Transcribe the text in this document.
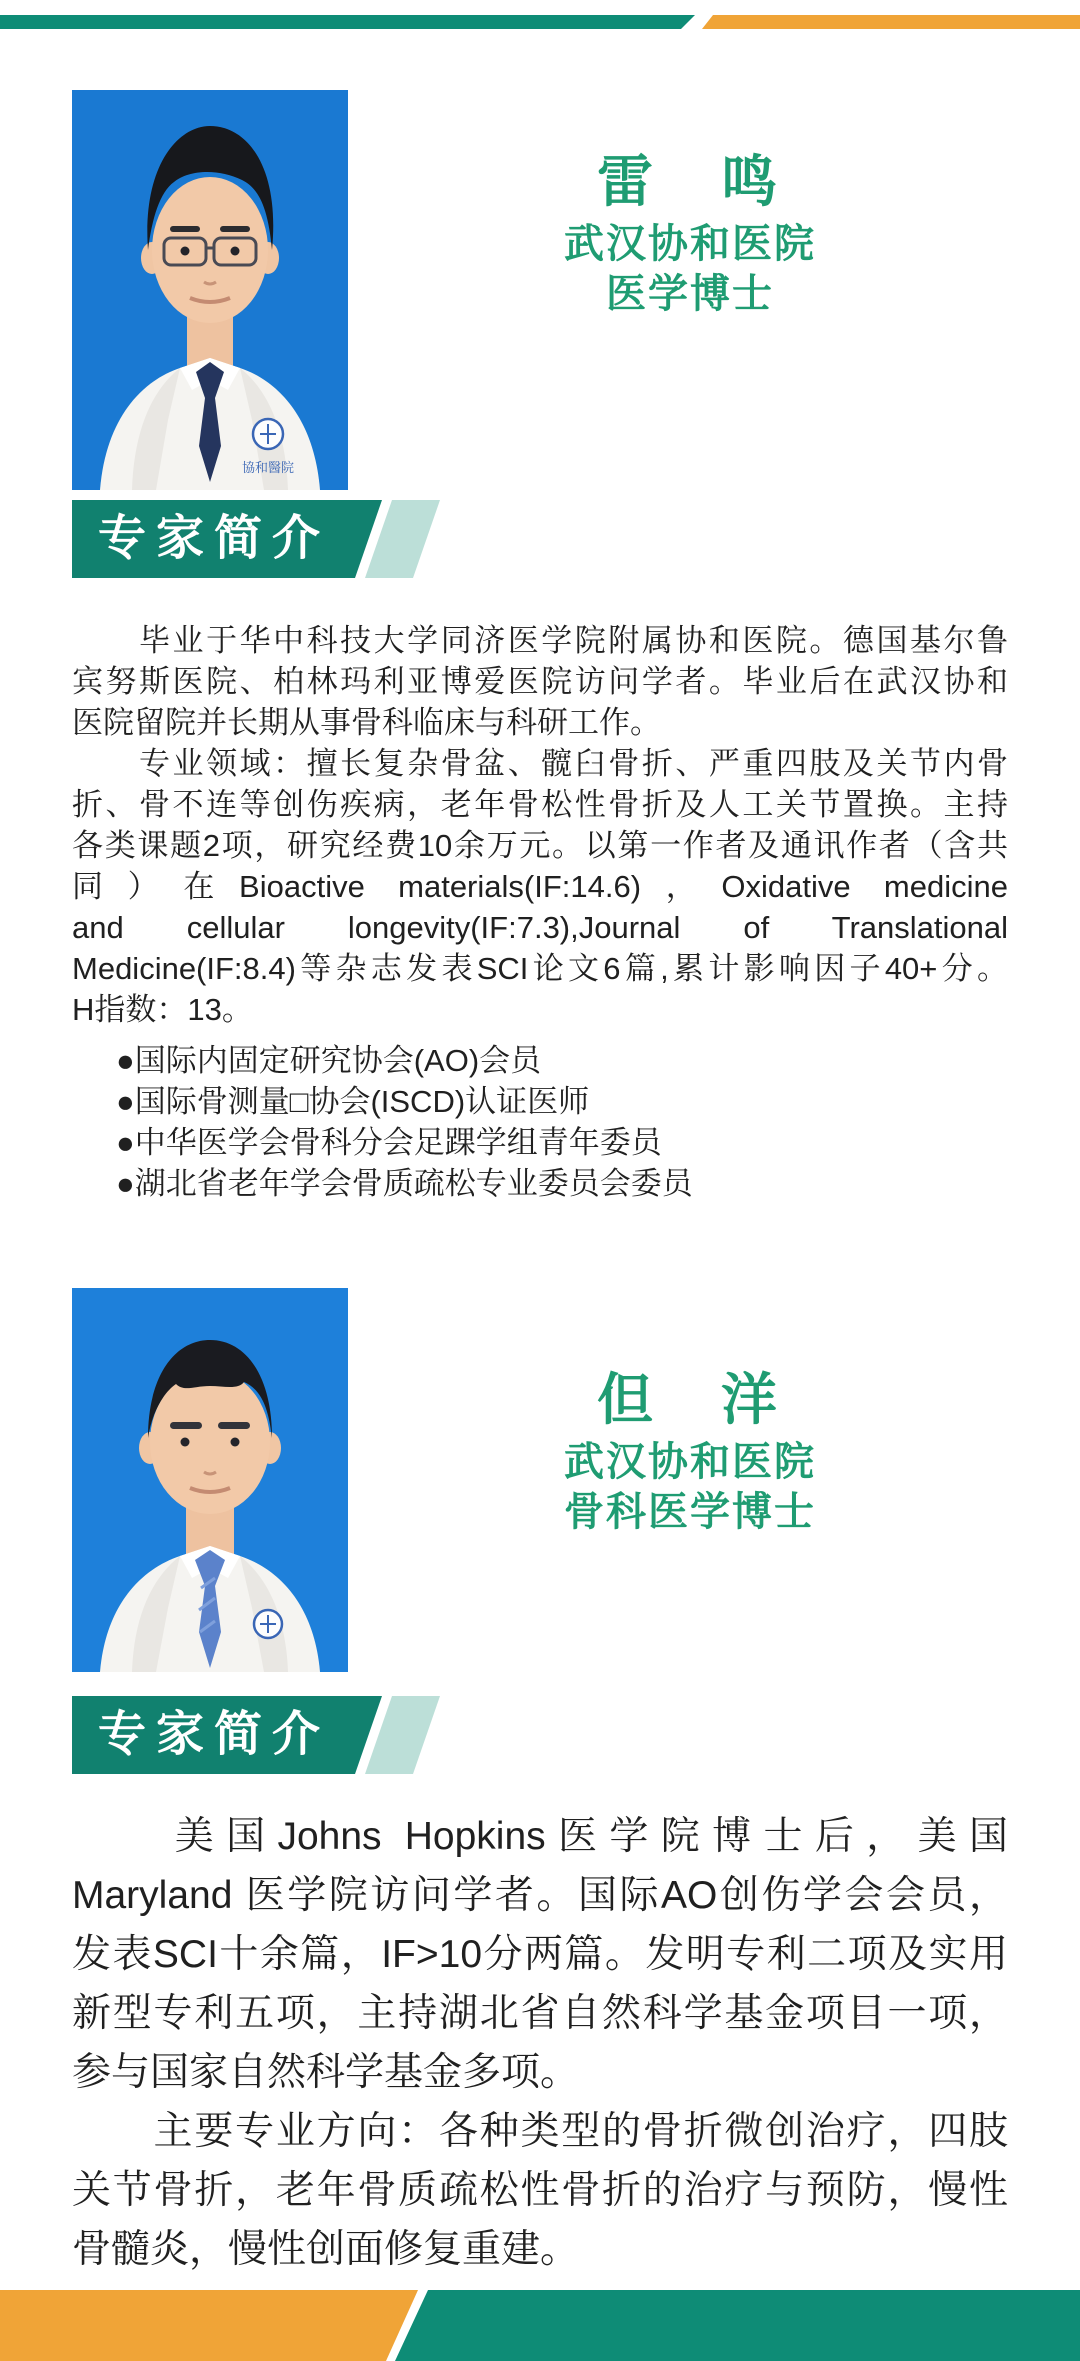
協和醫院
雷　鸣
武汉协和医院
医学博士
专家简介
　　毕业于华中科技大学同济医学院附属协和医院。德国基尔鲁
宾努斯医院、柏林玛利亚博爱医院访问学者。毕业后在武汉协和
医院留院并长期从事骨科临床与科研工作。
　　专业领域：擅长复杂骨盆、髋臼骨折、严重四肢及关节内骨
折、骨不连等创伤疾病，老年骨松性骨折及人工关节置换。主持
各类课题2项，研究经费10余万元。以第一作者及通讯作者（含共
同）在Bioactive materials(IF:14.6)，Oxidative medicine
and cellular longevity(IF:7.3),Journal of Translational
Medicine(IF:8.4)等杂志发表SCI论文6篇,累计影响因子40+分。
H指数：13。
●国际内固定研究协会(AO)会员
●国际骨测量□协会(ISCD)认证医师
●中华医学会骨科分会足踝学组青年委员
●湖北省老年学会骨质疏松专业委员会委员
但　洋
武汉协和医院
骨科医学博士
专家简介
　　美国Johns Hopkins医学院博士后，美国
Maryland 医学院访问学者。国际AO创伤学会会员，
发表SCI十余篇，IF>10分两篇。发明专利二项及实用
新型专利五项，主持湖北省自然科学基金项目一项，
参与国家自然科学基金多项。
　　主要专业方向：各种类型的骨折微创治疗，四肢
关节骨折，老年骨质疏松性骨折的治疗与预防，慢性
骨髓炎，慢性创面修复重建。
